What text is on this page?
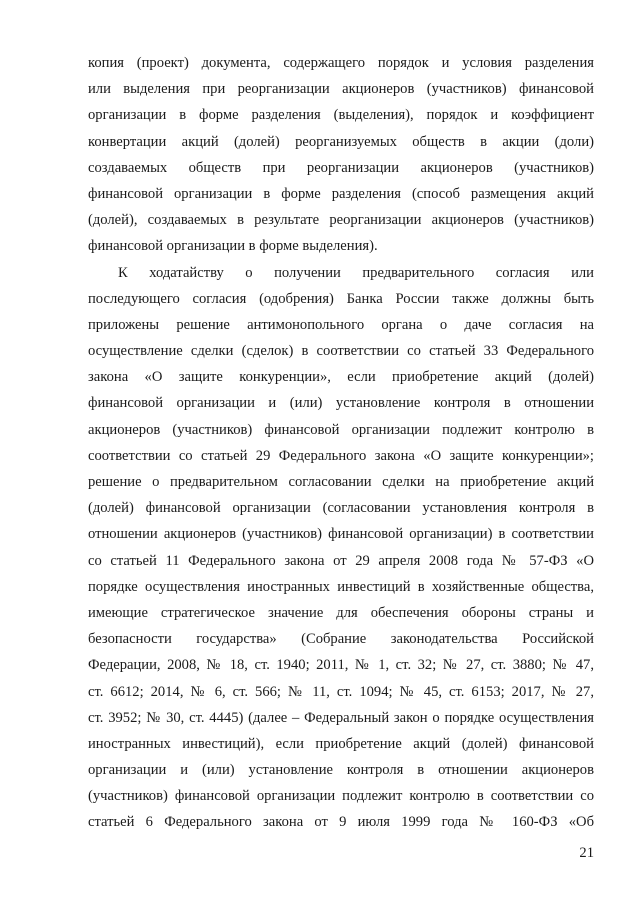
копия (проект) документа, содержащего порядок и условия разделения
или выделения при реорганизации акционеров (участников) финансовой
организации в форме разделения (выделения), порядок и коэффициент
конвертации акций (долей) реорганизуемых обществ в акции (доли)
создаваемых обществ при реорганизации акционеров (участников)
финансовой организации в форме разделения (способ размещения акций
(долей), создаваемых в результате реорганизации акционеров (участников)
финансовой организации в форме выделения).
К ходатайству о получении предварительного согласия или
последующего согласия (одобрения) Банка России также должны быть
приложены решение антимонопольного органа о даче согласия на
осуществление сделки (сделок) в соответствии со статьей 33 Федерального
закона «О защите конкуренции», если приобретение акций (долей)
финансовой организации и (или) установление контроля в отношении
акционеров (участников) финансовой организации подлежит контролю в
соответствии со статьей 29 Федерального закона «О защите конкуренции»;
решение о предварительном согласовании сделки на приобретение акций
(долей) финансовой организации (согласовании установления контроля в
отношении акционеров (участников) финансовой организации) в соответствии
со статьей 11 Федерального закона от 29 апреля 2008 года № 57-ФЗ «О
порядке осуществления иностранных инвестиций в хозяйственные общества,
имеющие стратегическое значение для обеспечения обороны страны и
безопасности государства» (Собрание законодательства Российской
Федерации, 2008, № 18, ст. 1940; 2011, № 1, ст. 32; № 27, ст. 3880; № 47,
ст. 6612; 2014, № 6, ст. 566; № 11, ст. 1094; № 45, ст. 6153; 2017, № 27,
ст. 3952; № 30, ст. 4445) (далее – Федеральный закон о порядке осуществления
иностранных инвестиций), если приобретение акций (долей) финансовой
организации и (или) установление контроля в отношении акционеров
(участников) финансовой организации подлежит контролю в соответствии со
статьей 6 Федерального закона от 9 июля 1999 года № 160-ФЗ «Об
21
